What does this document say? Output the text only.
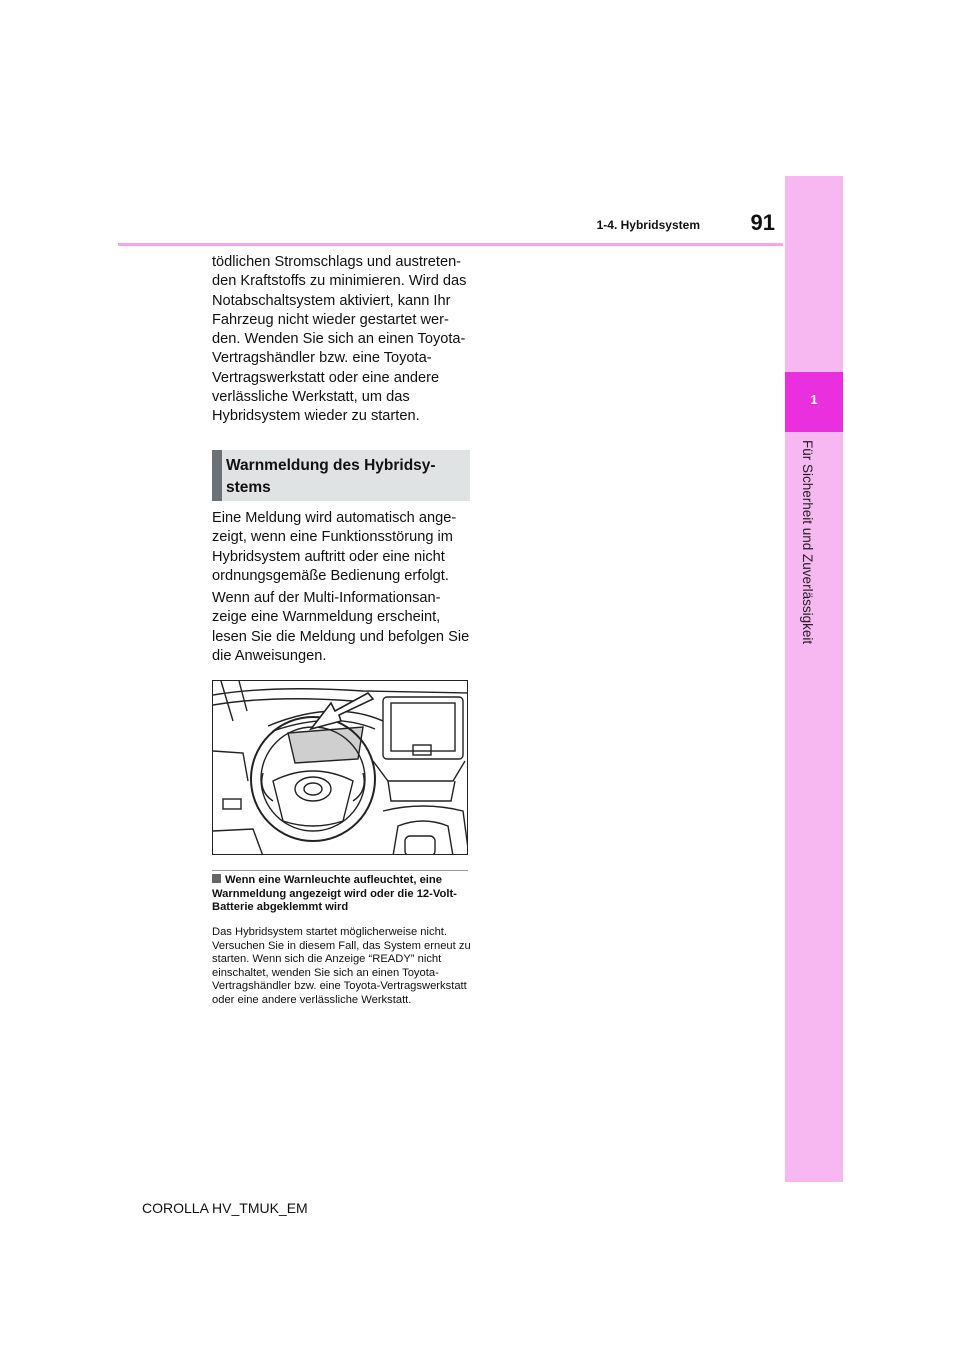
1
Für Sicherheit und Zuverlässigkeit
1-4. Hybridsystem	91
tödlichen Stromschlags und austreten-den Kraftstoffs zu minimieren. Wird das Notabschaltsystem aktiviert, kann Ihr Fahrzeug nicht wieder gestartet wer-den. Wenden Sie sich an einen Toyota-Vertragshändler bzw. eine Toyota-Vertragswerkstatt oder eine andere verlässliche Werkstatt, um das Hybridsystem wieder zu starten.
Warnmeldung des Hybridsy-stems
Eine Meldung wird automatisch ange-zeigt, wenn eine Funktionsstörung im Hybridsystem auftritt oder eine nicht ordnungsgemäße Bedienung erfolgt.
Wenn auf der Multi-Informationsan-zeige eine Warnmeldung erscheint, lesen Sie die Meldung und befolgen Sie die Anweisungen.
Wenn eine Warnleuchte aufleuchtet, eine Warnmeldung angezeigt wird oder die 12-Volt-Batterie abgeklemmt wird
Das Hybridsystem startet möglicherweise nicht. Versuchen Sie in diesem Fall, das System erneut zu starten. Wenn sich die Anzeige “READY” nicht einschaltet, wenden Sie sich an einen Toyota-Vertragshändler bzw. eine Toyota-Vertragswerkstatt oder eine andere verlässliche Werkstatt.
COROLLA HV_TMUK_EM
